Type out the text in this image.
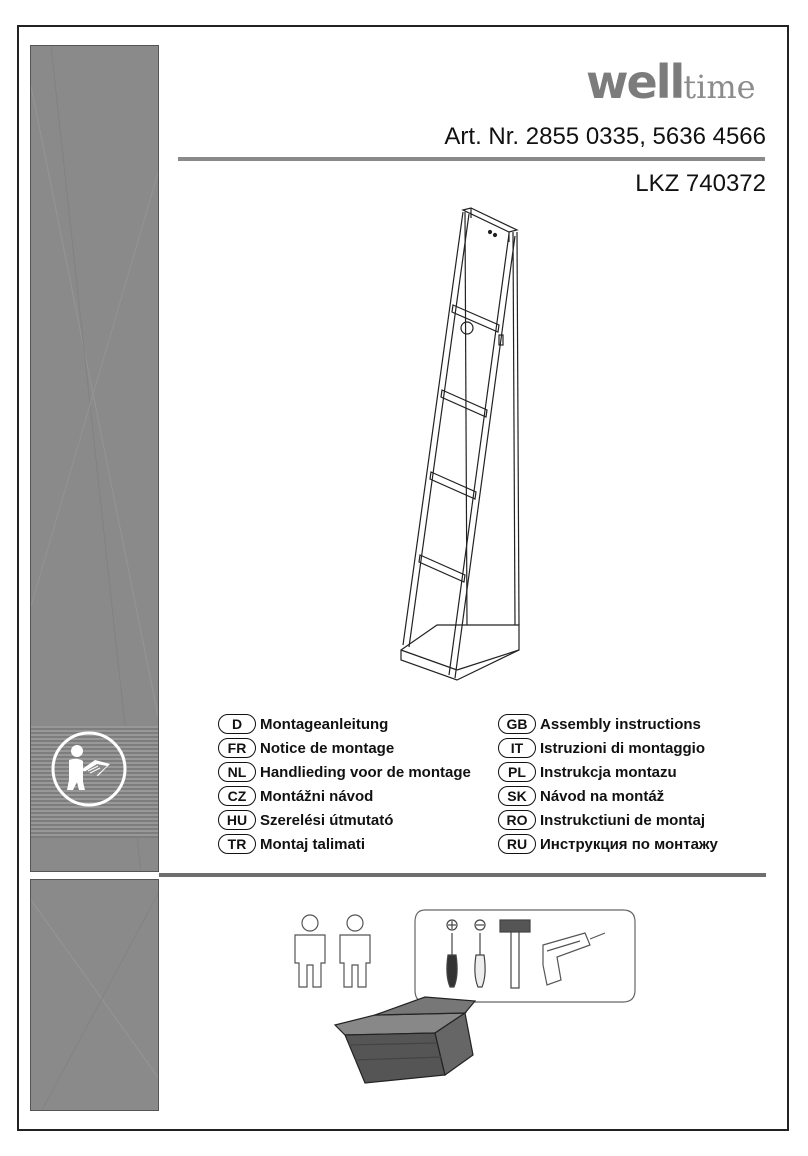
welltime
Art. Nr. 2855 0335, 5636 4566
LKZ 740372
D	Montageanleitung
FR Notice de montage
NL Handlieding voor de montage
CZ Montážni návod
HU Szerelési útmutató
TR Montaj talimati
GB Assembly instructions
IT	Istruzioni di montaggio
PL Instrukcja montazu
SK Návod na montáž
RO Instrukctiuni de montaj
RU Инструкция по монтажу
